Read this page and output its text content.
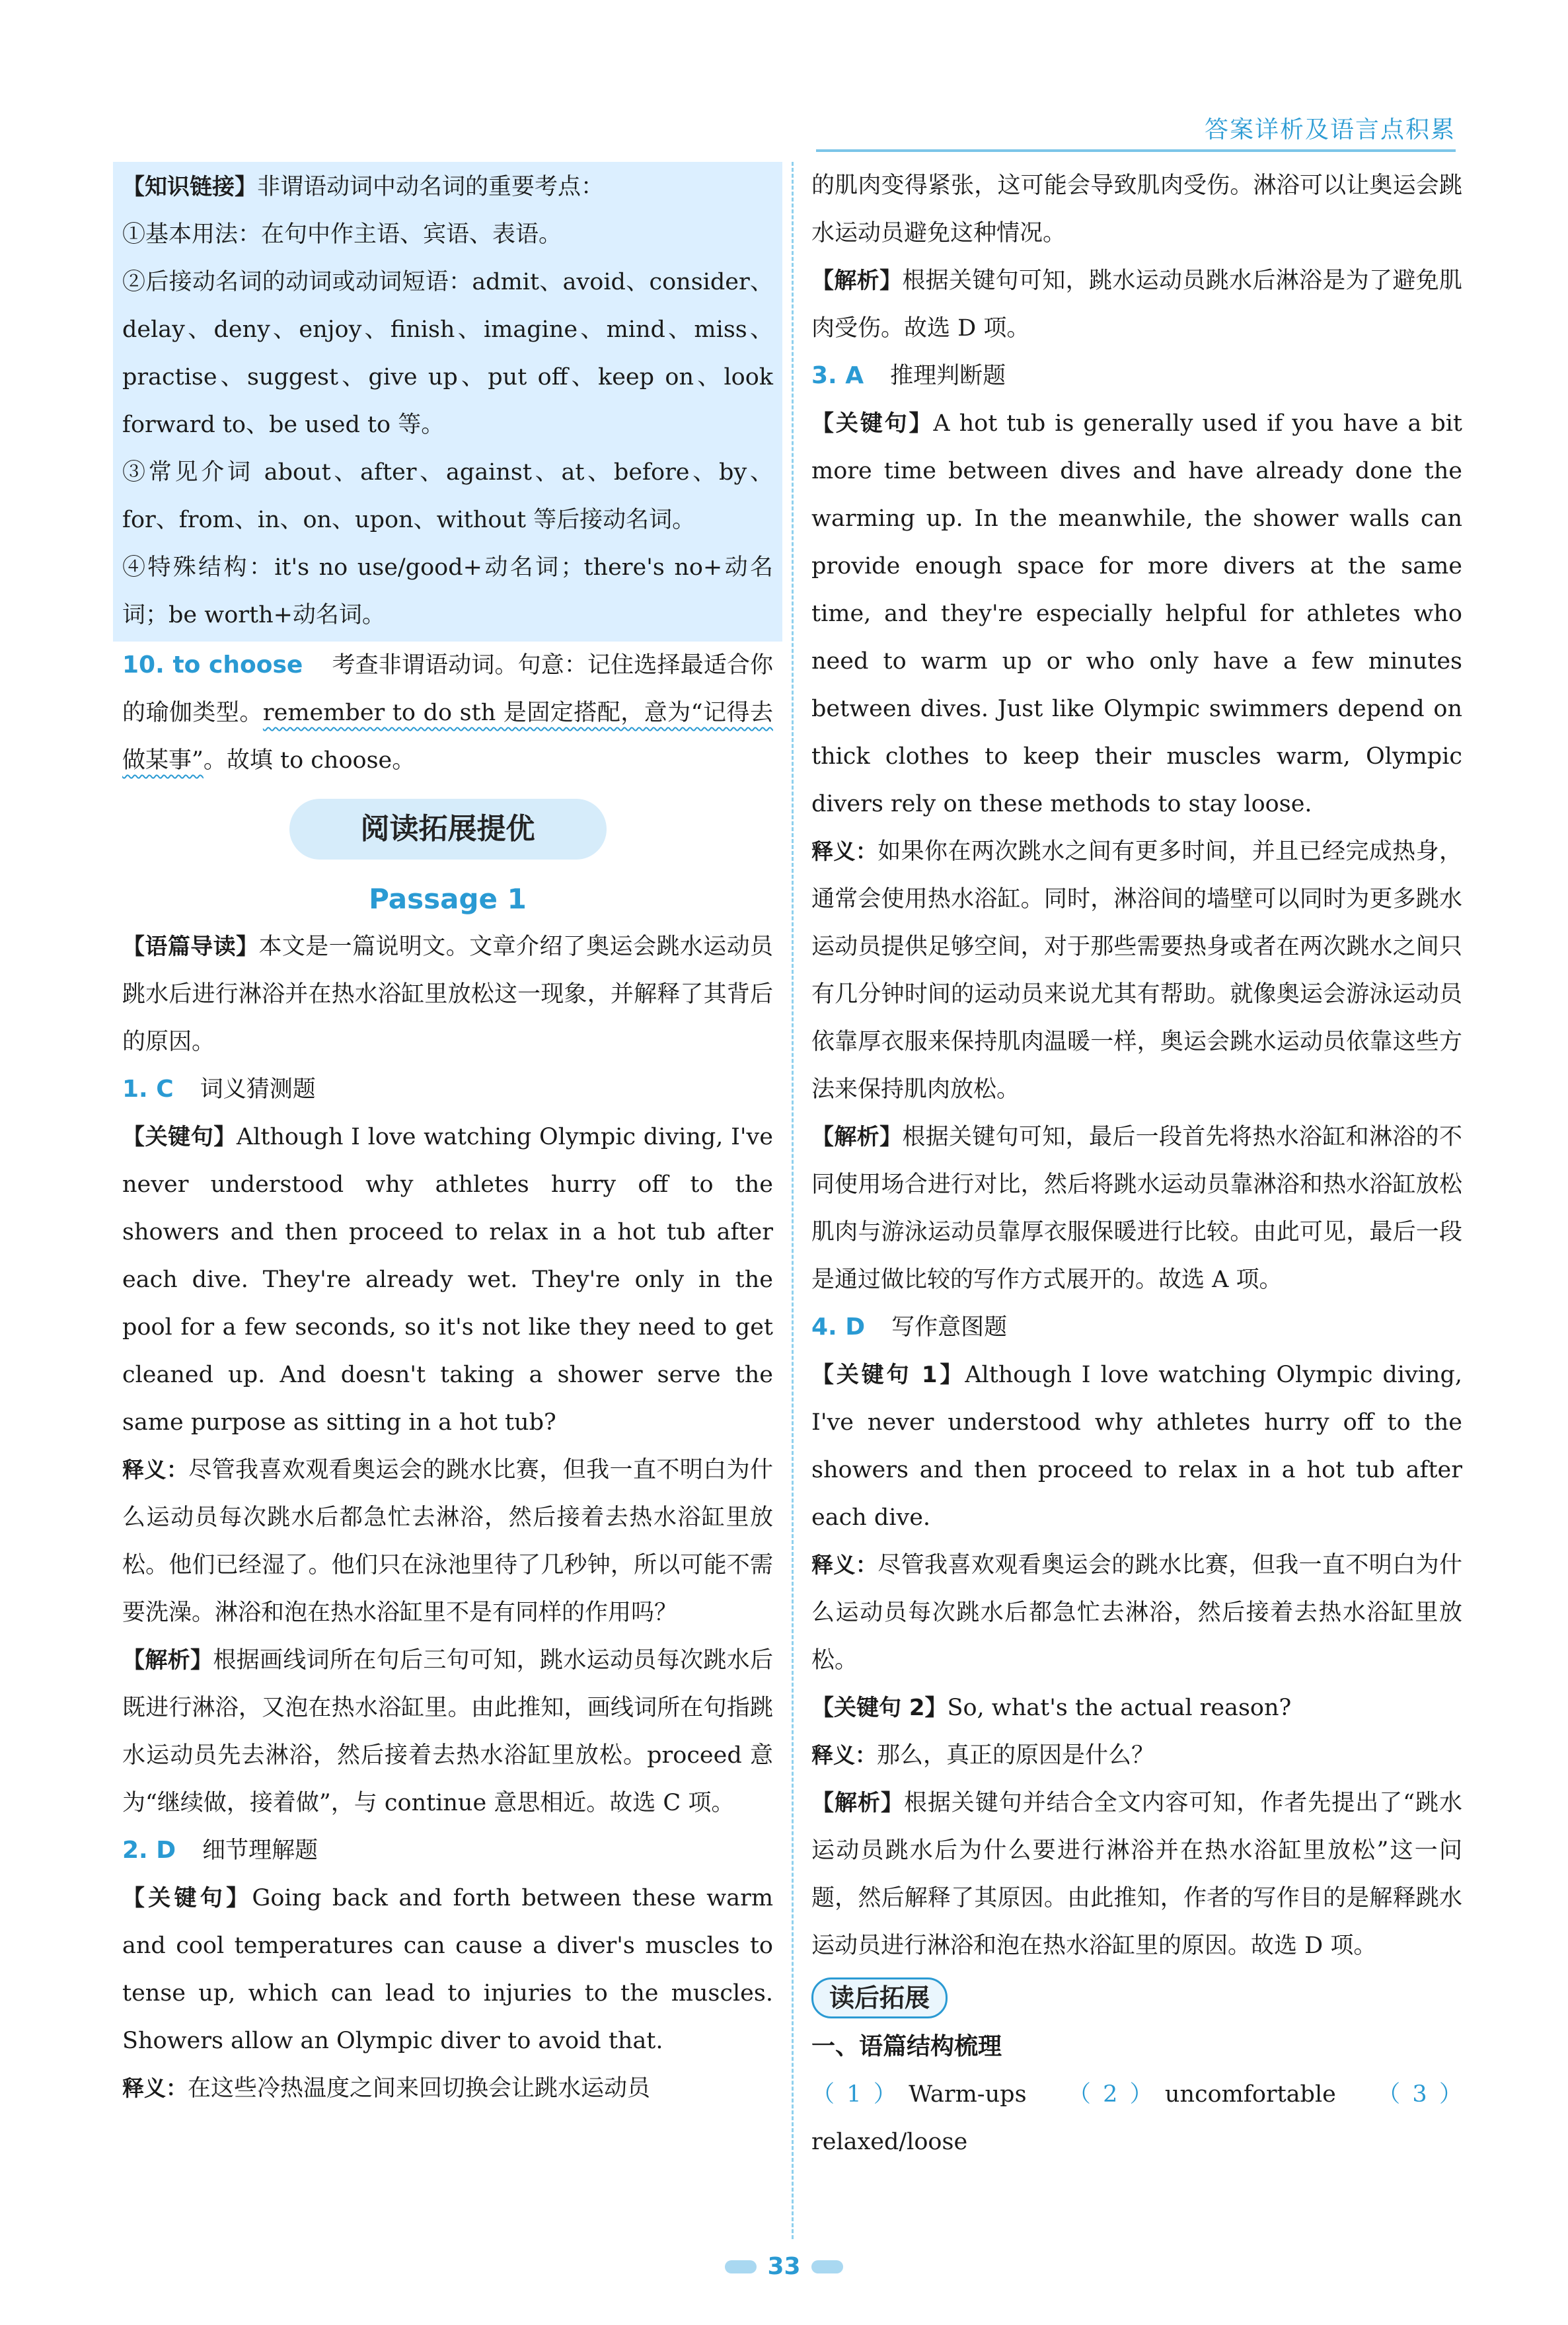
答案详析及语言点积累

【知识链接】非谓语动词中动名词的重要考点：

①基本用法：在句中作主语、宾语、表语。

②后接动名词的动词或动词短语：admit、avoid、consider、delay、deny、enjoy、finish、imagine、mind、miss、practise、suggest、give up、put off、keep on、look forward to、be used to 等。

③常见介词 about、after、against、at、before、by、for、from、in、on、upon、without 等后接动名词。

④特殊结构：it's no use/good+动名词；there's no+动名词；be worth+动名词。

10. to choose 考查非谓语动词。句意：记住选择最适合你的瑜伽类型。remember to do sth 是固定搭配，意为“记得去做某事”。故填 to choose。

阅读拓展提优

Passage 1

【语篇导读】本文是一篇说明文。文章介绍了奥运会跳水运动员跳水后进行淋浴并在热水浴缸里放松这一现象，并解释了其背后的原因。

1. C 词义猜测题

【关键句】Although I love watching Olympic diving, I've never understood why athletes hurry off to the showers and then proceed to relax in a hot tub after each dive. They're already wet. They're only in the pool for a few seconds, so it's not like they need to get cleaned up. And doesn't taking a shower serve the same purpose as sitting in a hot tub?

释义：尽管我喜欢观看奥运会的跳水比赛，但我一直不明白为什么运动员每次跳水后都急忙去淋浴，然后接着去热水浴缸里放松。他们已经湿了。他们只在泳池里待了几秒钟，所以可能不需要洗澡。淋浴和泡在热水浴缸里不是有同样的作用吗？

【解析】根据画线词所在句后三句可知，跳水运动员每次跳水后既进行淋浴，又泡在热水浴缸里。由此推知，画线词所在句指跳水运动员先去淋浴，然后接着去热水浴缸里放松。proceed 意为“继续做，接着做”，与 continue 意思相近。故选 C 项。

2. D 细节理解题

【关键句】Going back and forth between these warm and cool temperatures can cause a diver's muscles to tense up, which can lead to injuries to the muscles. Showers allow an Olympic diver to avoid that.

释义：在这些冷热温度之间来回切换会让跳水运动员

的肌肉变得紧张，这可能会导致肌肉受伤。淋浴可以让奥运会跳水运动员避免这种情况。

【解析】根据关键句可知，跳水运动员跳水后淋浴是为了避免肌肉受伤。故选 D 项。

3. A 推理判断题

【关键句】A hot tub is generally used if you have a bit more time between dives and have already done the warming up. In the meanwhile, the shower walls can provide enough space for more divers at the same time, and they're especially helpful for athletes who need to warm up or who only have a few minutes between dives. Just like Olympic swimmers depend on thick clothes to keep their muscles warm, Olympic divers rely on these methods to stay loose.

释义：如果你在两次跳水之间有更多时间，并且已经完成热身，通常会使用热水浴缸。同时，淋浴间的墙壁可以同时为更多跳水运动员提供足够空间，对于那些需要热身或者在两次跳水之间只有几分钟时间的运动员来说尤其有帮助。就像奥运会游泳运动员依靠厚衣服来保持肌肉温暖一样，奥运会跳水运动员依靠这些方法来保持肌肉放松。

【解析】根据关键句可知，最后一段首先将热水浴缸和淋浴的不同使用场合进行对比，然后将跳水运动员靠淋浴和热水浴缸放松肌肉与游泳运动员靠厚衣服保暖进行比较。由此可见，最后一段是通过做比较的写作方式展开的。故选 A 项。

4. D 写作意图题

【关键句 1】Although I love watching Olympic diving, I've never understood why athletes hurry off to the showers and then proceed to relax in a hot tub after each dive.

释义：尽管我喜欢观看奥运会的跳水比赛，但我一直不明白为什么运动员每次跳水后都急忙去淋浴，然后接着去热水浴缸里放松。

【关键句 2】So, what's the actual reason?

释义：那么，真正的原因是什么？

【解析】根据关键句并结合全文内容可知，作者先提出了“跳水运动员跳水后为什么要进行淋浴并在热水浴缸里放松”这一问题，然后解释了其原因。由此推知，作者的写作目的是解释跳水运动员进行淋浴和泡在热水浴缸里的原因。故选 D 项。

读后拓展

一、语篇结构梳理

（1）Warm-ups （2）uncomfortable （3）relaxed/loose

33
